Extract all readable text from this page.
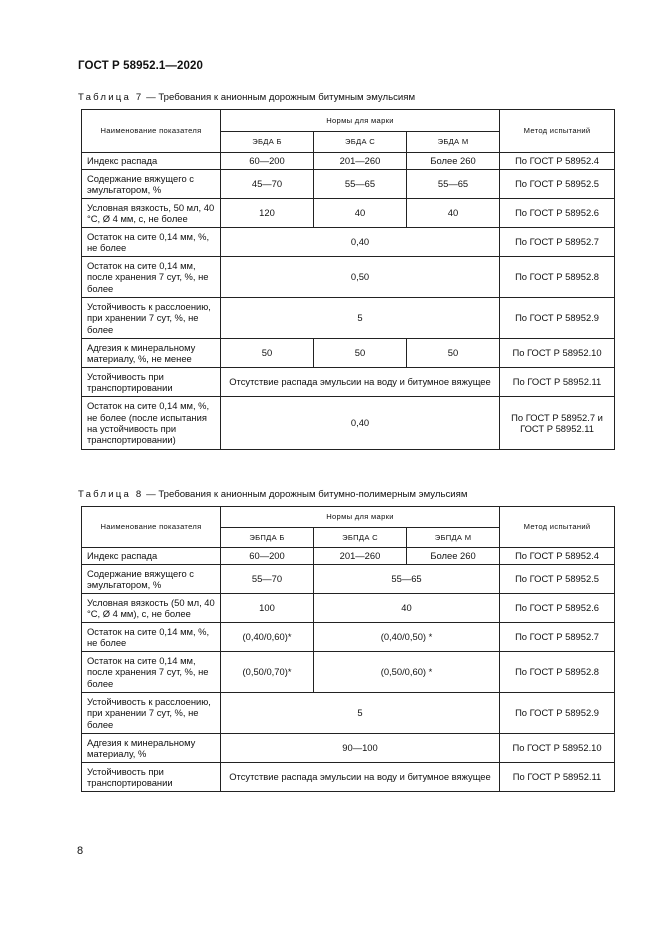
ГОСТ Р 58952.1—2020
Таблица 7 — Требования к анионным дорожным битумным эмульсиям
Наименование показателя	Нормы для марки			Метод испытаний
	ЭБДА Б	ЭБДА С	ЭБДА М	
Индекс распада	60—200	201—260	Более 260	По ГОСТ Р 58952.4
Содержание вяжущего с эмульгатором, %	45—70	55—65	55—65	По ГОСТ Р 58952.5
Условная вязкость, 50 мл, 40 °С, Ø 4 мм, с, не более	120	40	40	По ГОСТ Р 58952.6
Остаток на сите 0,14 мм, %, не более	0,40			По ГОСТ Р 58952.7
Остаток на сите 0,14 мм, после хранения 7 сут, %, не более	0,50			По ГОСТ Р 58952.8
Устойчивость к расслоению, при хранении 7 сут, %, не более	5			По ГОСТ Р 58952.9
Адгезия к минеральному материалу, %, не менее	50	50	50	По ГОСТ Р 58952.10
Устойчивость при транспортировании	Отсутствие распада эмульсии на воду и битумное вяжущее			По ГОСТ Р 58952.11
Остаток на сите 0,14 мм, %, не более (после испытания на устойчивость при транспортировании)	0,40			По ГОСТ Р 58952.7 и ГОСТ Р 58952.11
Таблица 8 — Требования к анионным дорожным битумно-полимерным эмульсиям
Наименование показателя	Нормы для марки			Метод испытаний
	ЭБПДА Б	ЭБПДА С	ЭБПДА М	
Индекс распада	60—200	201—260	Более 260	По ГОСТ Р 58952.4
Содержание вяжущего с эмульгатором, %	55—70	55—65		По ГОСТ Р 58952.5
Условная вязкость (50 мл, 40 °С, Ø 4 мм), с, не более	100	40		По ГОСТ Р 58952.6
Остаток на сите 0,14 мм, %, не более	(0,40/0,60)*	(0,40/0,50) *		По ГОСТ Р 58952.7
Остаток на сите 0,14 мм, после хранения 7 сут, %, не более	(0,50/0,70)*	(0,50/0,60) *		По ГОСТ Р 58952.8
Устойчивость к расслоению, при хранении 7 сут, %, не более	5			По ГОСТ Р 58952.9
Адгезия к минеральному материалу, %	90—100			По ГОСТ Р 58952.10
Устойчивость при транспортировании	Отсутствие распада эмульсии на воду и битумное вяжущее			По ГОСТ Р 58952.11
8
